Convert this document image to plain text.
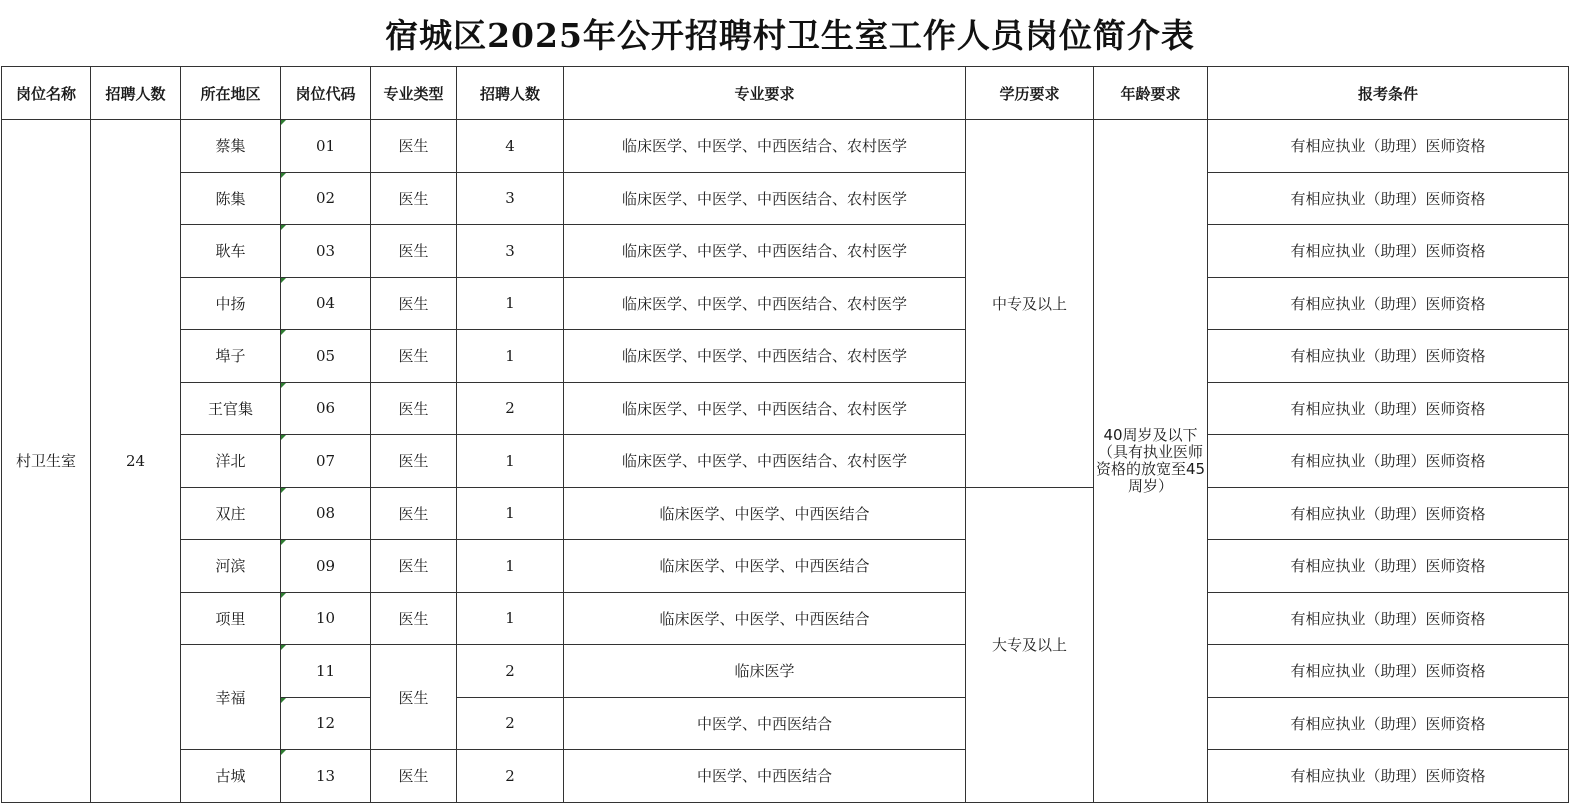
宿城区2025年公开招聘村卫生室工作人员岗位简介表
岗位名称	招聘人数	所在地区	岗位代码	专业类型	招聘人数	专业要求	学历要求	年龄要求	报考条件
村卫生室	24	蔡集	01	医生	4	临床医学、中医学、中西医结合、农村医学	中专及以上	40周岁及以下（具有执业医师资格的放宽至45周岁）	有相应执业（助理）医师资格
		陈集	02	医生	3	临床医学、中医学、中西医结合、农村医学			有相应执业（助理）医师资格
		耿车	03	医生	3	临床医学、中医学、中西医结合、农村医学			有相应执业（助理）医师资格
		中扬	04	医生	1	临床医学、中医学、中西医结合、农村医学			有相应执业（助理）医师资格
		埠子	05	医生	1	临床医学、中医学、中西医结合、农村医学			有相应执业（助理）医师资格
		王官集	06	医生	2	临床医学、中医学、中西医结合、农村医学			有相应执业（助理）医师资格
		洋北	07	医生	1	临床医学、中医学、中西医结合、农村医学			有相应执业（助理）医师资格
		双庄	08	医生	1	临床医学、中医学、中西医结合	大专及以上		有相应执业（助理）医师资格
		河滨	09	医生	1	临床医学、中医学、中西医结合			有相应执业（助理）医师资格
		项里	10	医生	1	临床医学、中医学、中西医结合			有相应执业（助理）医师资格
		幸福	11	医生	2	临床医学			有相应执业（助理）医师资格
			12		2	中医学、中西医结合			有相应执业（助理）医师资格
		古城	13	医生	2	中医学、中西医结合			有相应执业（助理）医师资格
